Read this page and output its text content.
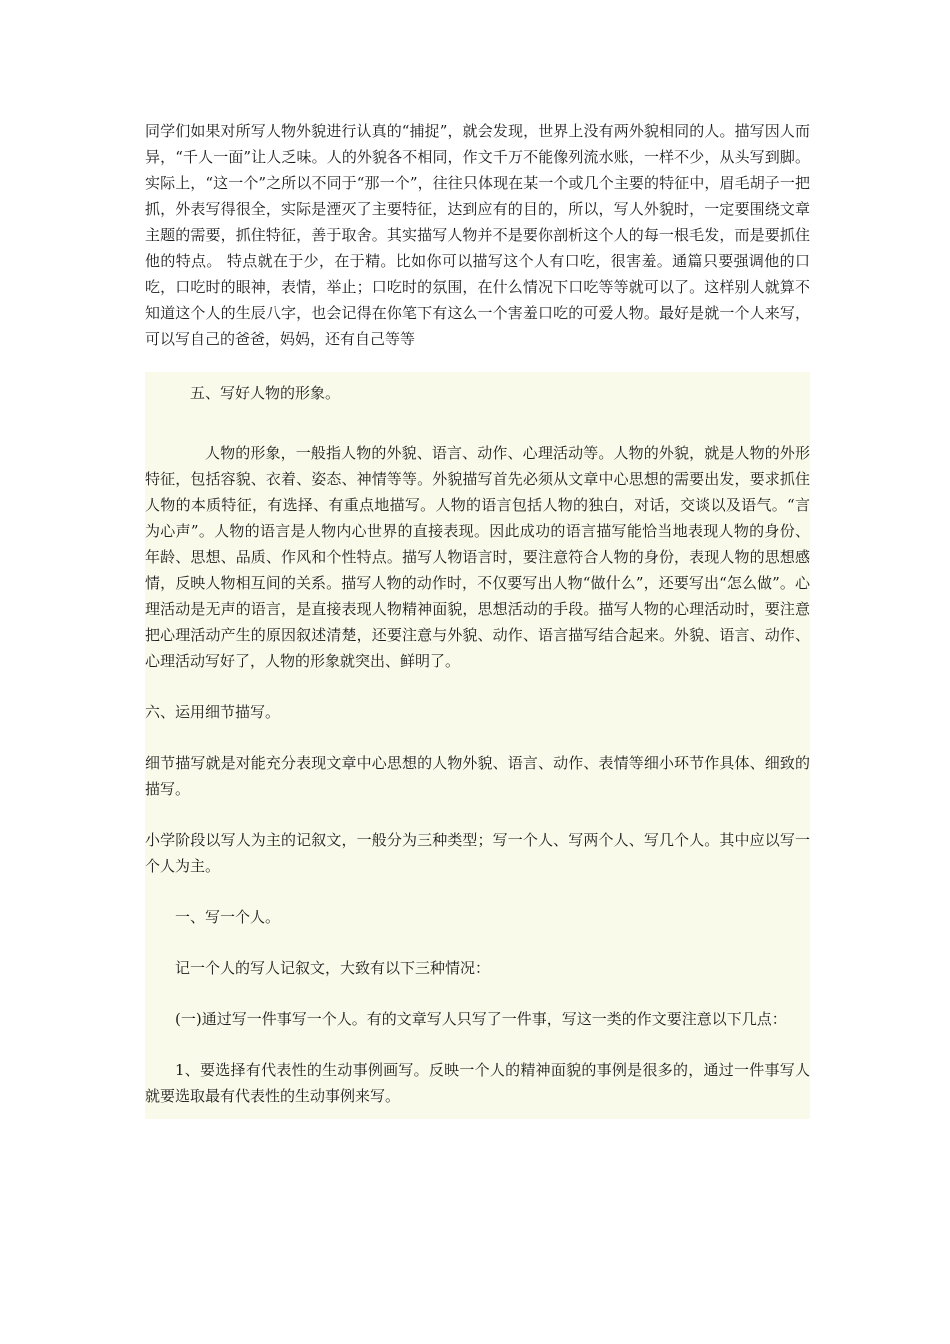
同学们如果对所写人物外貌进行认真的“捕捉”，就会发现，世界上没有两外貌相同的人。描写因人而异，“千人一面”让人乏味。人的外貌各不相同，作文千万不能像列流水账，一样不少，从头写到脚。实际上，“这一个”之所以不同于“那一个”，往往只体现在某一个或几个主要的特征中，眉毛胡子一把抓，外表写得很全，实际是湮灭了主要特征，达到应有的目的，所以，写人外貌时，一定要围绕文章主题的需要，抓住特征，善于取舍。其实描写人物并不是要你剖析这个人的每一根毛发，而是要抓住他的特点。 特点就在于少，在于精。比如你可以描写这个人有口吃，很害羞。通篇只要强调他的口吃，口吃时的眼神，表情，举止；口吃时的氛围，在什么情况下口吃等等就可以了。这样别人就算不知道这个人的生辰八字，也会记得在你笔下有这么一个害羞口吃的可爱人物。最好是就一个人来写，可以写自己的爸爸，妈妈，还有自己等等

五、写好人物的形象。

人物的形象，一般指人物的外貌、语言、动作、心理活动等。人物的外貌，就是人物的外形特征，包括容貌、衣着、姿态、神情等等。外貌描写首先必须从文章中心思想的需要出发，要求抓住人物的本质特征，有选择、有重点地描写。人物的语言包括人物的独白，对话，交谈以及语气。“言为心声”。人物的语言是人物内心世界的直接表现。因此成功的语言描写能恰当地表现人物的身份、年龄、思想、品质、作风和个性特点。描写人物语言时，要注意符合人物的身份，表现人物的思想感情，反映人物相互间的关系。描写人物的动作时，不仅要写出人物“做什么”，还要写出“怎么做”。心理活动是无声的语言，是直接表现人物精神面貌，思想活动的手段。描写人物的心理活动时，要注意把心理活动产生的原因叙述清楚，还要注意与外貌、动作、语言描写结合起来。外貌、语言、动作、心理活动写好了，人物的形象就突出、鲜明了。

六、运用细节描写。

细节描写就是对能充分表现文章中心思想的人物外貌、语言、动作、表情等细小环节作具体、细致的描写。

小学阶段以写人为主的记叙文，一般分为三种类型；写一个人、写两个人、写几个人。其中应以写一个人为主。

一、写一个人。

记一个人的写人记叙文，大致有以下三种情况：

(一)通过写一件事写一个人。有的文章写人只写了一件事，写这一类的作文要注意以下几点：

1、要选择有代表性的生动事例画写。反映一个人的精神面貌的事例是很多的，通过一件事写人就要选取最有代表性的生动事例来写。
